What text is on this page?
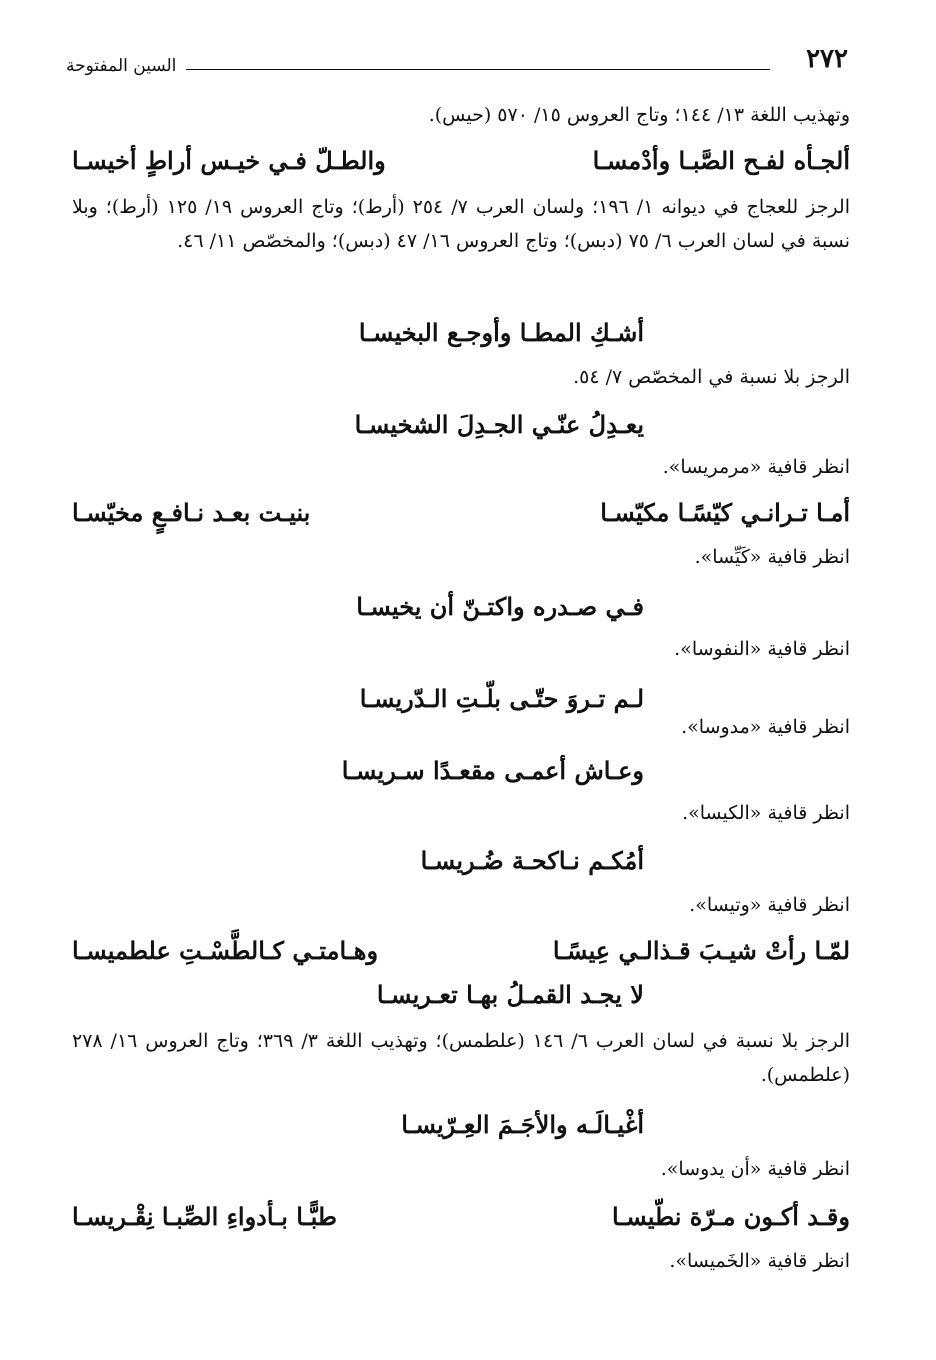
٢٧٢
السين المفتوحة
وتهذيب اللغة ١٣/ ١٤٤؛ وتاج العروس ١٥/ ٥٧٠ (حيس).
ألجـأه لفـح الصَّبـا وأدْمسـا
والطـلّ فـي خيـس أراطٍ أخيسـا
الرجز للعجاج في ديوانه ١/ ١٩٦؛ ولسان العرب ٧/ ٢٥٤ (أرط)؛ وتاج العروس ١٩/ ١٢٥ (أرط)؛ وبلا نسبة في لسان العرب ٦/ ٧٥ (دبس)؛ وتاج العروس ١٦/ ٤٧ (دبس)؛ والمخصّص ١١/ ٤٦.
أشـكِ المطـا وأوجـع البخيسـا
الرجز بلا نسبة في المخصّص ٧/ ٥٤.
يعـدِلُ عنّـي الجـدِلَ الشخيسـا
انظر قافية «مرمريسا».
أمـا تـرانـي كيّسًـا مكيّسـا
بنيـت بعـد نـافـعٍ مخيّسـا
انظر قافية «كَيِّسا».
فـي صـدره واكتـنّ أن يخيسـا
انظر قافية «النفوسا».
لـم تـروَ حتّـى بلّـتِ الـدّريسـا
انظر قافية «مدوسا».
وعـاش أعمـى مقعـدًا سـريسـا
انظر قافية «الكيسا».
أمُكـم نـاكحـة ضُـريسـا
انظر قافية «وتيسا».
لمّـا رأتْ شيـبَ قـذالـي عِيسًـا
وهـامتـي كـالطَّسْـتِ علطميسـا
لا يجـد القمـلُ بهـا تعـريسـا
الرجز بلا نسبة في لسان العرب ٦/ ١٤٦ (علطمس)؛ وتهذيب اللغة ٣/ ٣٦٩؛ وتاج العروس ١٦/ ٢٧٨ (علطمس).
أغْيـالَـه والأجَـمَ العِـرّيسـا
انظر قافية «أن يدوسا».
وقـد أكـون مـرّة نطّيسـا
طبًّـا بـأدواءِ الصِّبـا نِقْـريسـا
انظر قافية «الخَميسا».
